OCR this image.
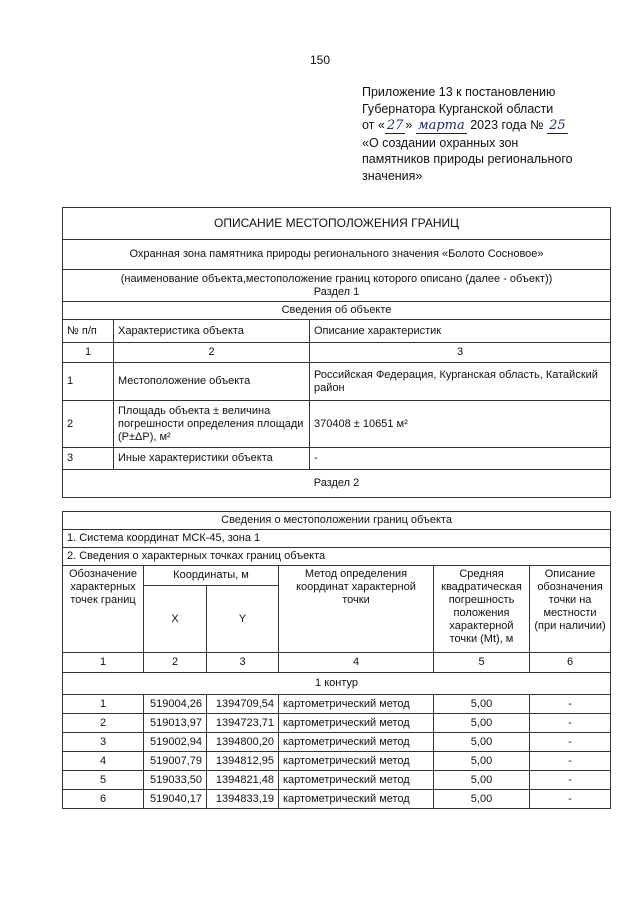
150
Приложение 13 к постановлению
Губернатора Курганской области
от « 27 » марта 2023 года № 25
«О создании охранных зон
памятников природы регионального
значения»
ОПИСАНИЕ МЕСТОПОЛОЖЕНИЯ ГРАНИЦ		
Охранная зона памятника природы регионального значения «Болото Сосновое»		

(наименование объекта,местоположение границ которого описано (далее - объект))
Раздел 1		

Сведения об объекте		
№ п/п	Характеристика объекта	Описание характеристик
1	2	3
1	Местоположение объекта	Российская Федерация, Курганская область, Катайский район
2	Площадь объекта ± величина погрешности определения площади (P±ΔP), м²	370408 ± 10651 м²
3	Иные характеристики объекта	-
Раздел 2		
Сведения о местоположении границ объекта					
1. Система координат МСК-45, зона 1					
2. Сведения о характерных точках границ объекта					
Обозначение характерных точек границ	Координаты, м		Метод определения координат характерной точки	Средняя квадратическая погрешность положения характерной точки (Mt), м	Описание обозначения точки на местности (при наличии)
	X	Y			
1	2	3	4	5	6
1 контур					
1	519004,26	1394709,54	картометрический метод	5,00	-
2	519013,97	1394723,71	картометрический метод	5,00	-
3	519002,94	1394800,20	картометрический метод	5,00	-
4	519007,79	1394812,95	картометрический метод	5,00	-
5	519033,50	1394821,48	картометрический метод	5,00	-
6	519040,17	1394833,19	картометрический метод	5,00	-
